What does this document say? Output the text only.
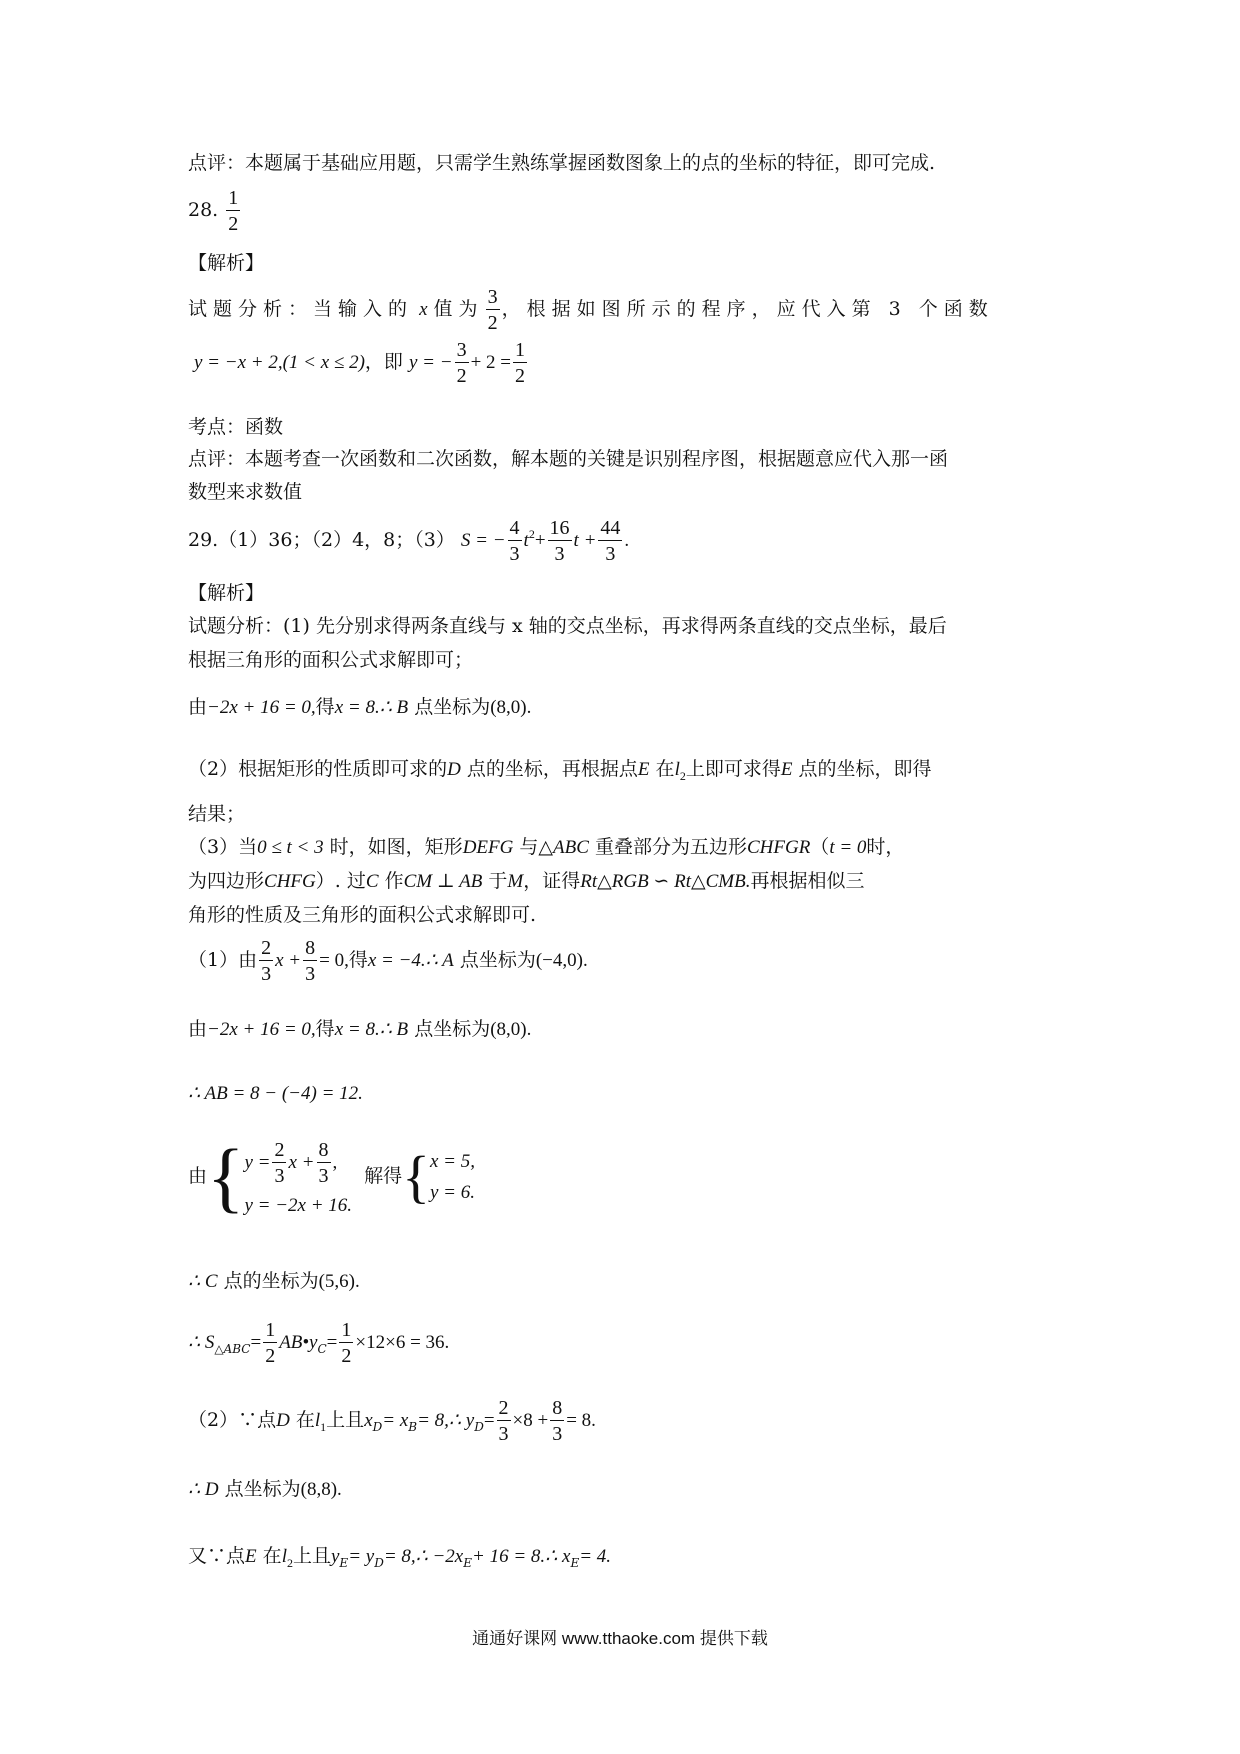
点评：本题属于基础应用题，只需学生熟练掌握函数图象上的点的坐标的特征，即可完成.
28. $\frac{1}{2}$
【解析】
试题分析：当输入的 x 值为 $\frac{3}{2}$ ，根据如图所示的程序，应代入第 3 个函数
y = −x + 2,(1 < x ≤ 2)，即 y = − $\frac{3}{2} + 2 = \frac{1}{2}$
考点：函数
点评：本题考查一次函数和二次函数，解本题的关键是识别程序图，根据题意应代入那一函
数型来求数值
29.（1）36；（2）4，8；（3） S = − $\frac{4}{3} t^2+ \frac{16}{3}$ $t + \frac{44}{3}$ .
【解析】
试题分析：(1) 先分别求得两条直线与 x 轴的交点坐标，再求得两条直线的交点坐标，最后
根据三角形的面积公式求解即可；
由−2x + 16 = 0,得x = 8.∴ B 点坐标为(8,0).
（2）根据矩形的性质即可求的D 点的坐标，再根据点E 在$l_2$上即可求得E 点的坐标，即得
结果；
（3）当0 ≤ t < 3 时，如图，矩形DEFG 与△ABC 重叠部分为五边形CHFGR（t = 0时，
为四边形CHFG）. 过C 作CM ⊥ AB 于M，证得Rt△RGB ∽ Rt△CMB.再根据相似三
角形的性质及三角形的面积公式求解即可.
（1）由 $\frac{2}{3}$ $x + \frac{8}{3} = 0$,得x = −4.∴ A 点坐标为(−4,0).
由−2x + 16 = 0,得x = 8.∴ B 点坐标为(8,0).
∴ AB = 8 − (−4) = 12.
由{ $y = \frac{2}{3}$ $x + \frac{8}{3}$ ,
y = −2x + 16.
解得{ x = 5,
y = 6.
∴ C 点的坐标为(5,6).
∴ $S_{\triangle ABC}= \frac{1}{2}$ $AB•y_C= \frac{1}{2} \times 12\times 6 = 36$.
（2）∵点D 在$l_1$上且$x_D= x_B=$ 8,∴ $y_D= \frac{2}{3} \times 8 + \frac{8}{3} = 8$.
∴ D 点坐标为(8,8).
又∵点E 在$l_2$上且$y_E= y_D=$ 8,∴ $-2x_E+ 16$ = 8.∴ $x_E= 4$.
通通好课网 www.tthaoke.com 提供下载
